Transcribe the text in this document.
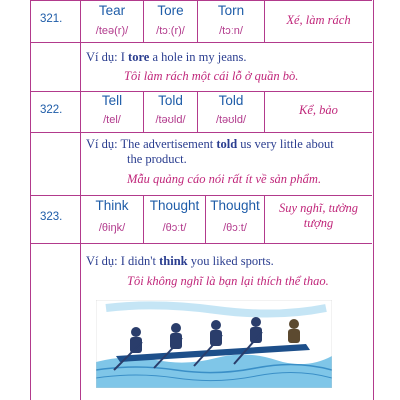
321.
Tear
/teə(r)/
Tore
/tɔː(r)/
Torn
/tɔːn/
Xé, làm rách
Ví dụ: I tore a hole in my jeans.
Tôi làm rách một cái lỗ ở quần bò.
322.
Tell
/tel/
Told
/təʊld/
Told
/təʊld/
Kể, bảo
Ví dụ: The advertisement told us very little about
the product.
Mẫu quảng cáo nói rất ít về sản phẩm.
323.
Think
/θiŋk/
Thought
/θɔːt/
Thought
/θɔːt/
Suy nghĩ, tưởng
tượng
Ví dụ: I didn't think you liked sports.
Tôi không nghĩ là bạn lại thích thể thao.
